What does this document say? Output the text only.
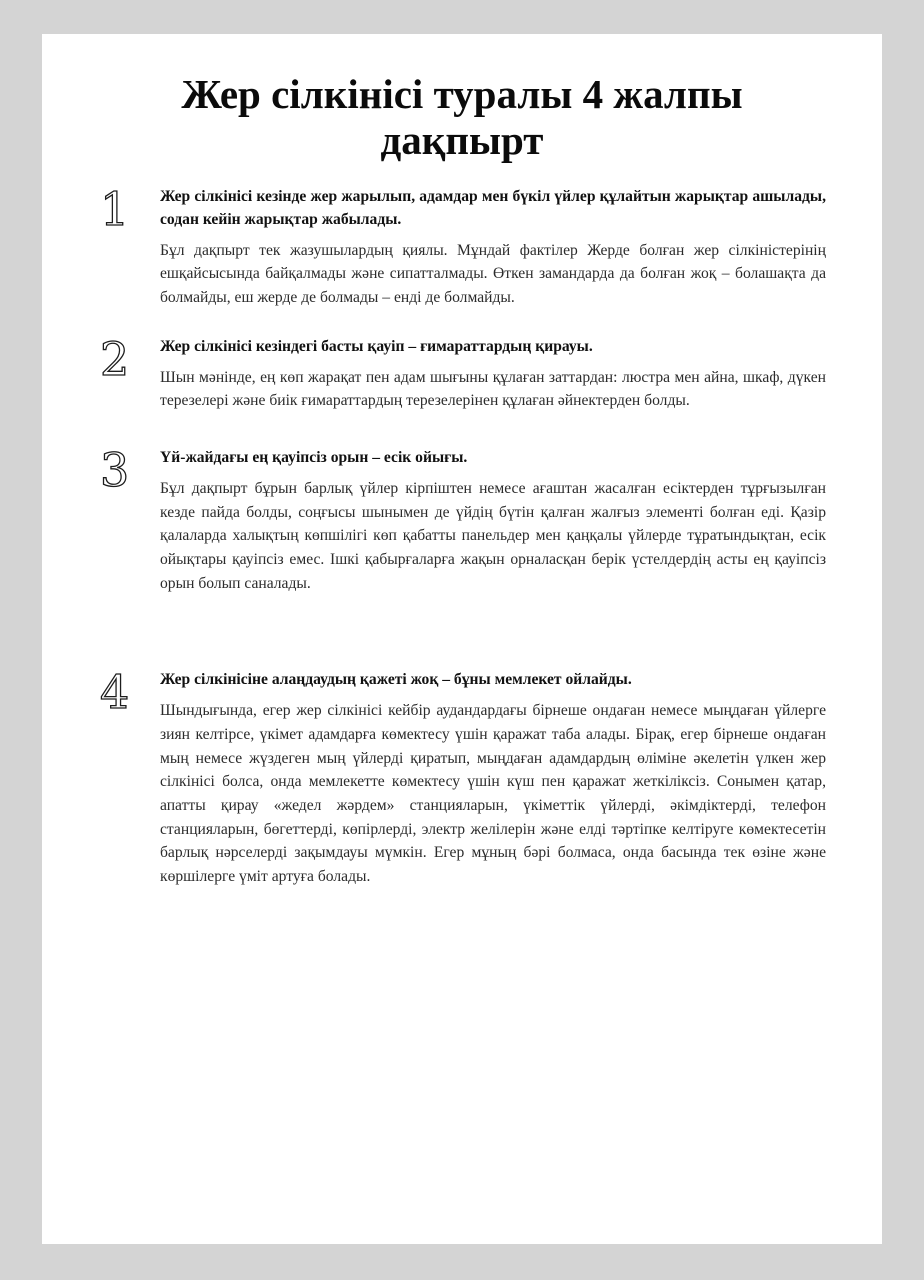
Жер сілкінісі туралы 4 жалпы дақпырт
1	Жер сілкінісі кезінде жер жарылып, адамдар мен бүкіл үйлер құлайтын жарықтар ашылады, содан кейін жарықтар жабылады.

Бұл дақпырт тек жазушылардың қиялы. Мұндай фактілер Жерде болған жер сілкіністерінің ешқайсысында байқалмады және сипатталмады. Өткен замандарда да болған жоқ – болашақта да болмайды, еш жерде де болмады – енді де болмайды.

2	Жер сілкінісі кезіндегі басты қауіп – ғимараттардың қирауы.

Шын мәнінде, ең көп жарақат пен адам шығыны құлаған заттардан: люстра мен айна, шкаф, дүкен терезелері және биік ғимараттардың терезелерінен құлаған әйнектерден болды.

3	Үй-жайдағы ең қауіпсіз орын – есік ойығы.

Бұл дақпырт бұрын барлық үйлер кірпіштен немесе ағаштан жасалған есіктерден тұрғызылған кезде пайда болды, соңғысы шынымен де үйдің бүтін қалған жалғыз элементі болған еді. Қазір қалаларда халықтың көпшілігі көп қабатты панельдер мен қаңқалы үйлерде тұратындықтан, есік ойықтары қауіпсіз емес. Ішкі қабырғаларға жақын орналасқан берік үстелдердің асты ең қауіпсіз орын болып саналады.

4	Жер сілкінісіне алаңдаудың қажеті жоқ – бұны мемлекет ойлайды.

Шындығында, егер жер сілкінісі кейбір аудандардағы бірнеше ондаған немесе мыңдаған үйлерге зиян келтірсе, үкімет адамдарға көмектесу үшін қаражат таба алады. Бірақ, егер бірнеше ондаған мың немесе жүздеген мың үйлерді қиратып, мыңдаған адамдардың өліміне әкелетін үлкен жер сілкінісі болса, онда мемлекетте көмектесу үшін күш пен қаражат жеткіліксіз. Сонымен қатар, апатты қирау «жедел жәрдем» станцияларын, үкіметтік үйлерді, әкімдіктерді, телефон станцияларын, бөгеттерді, көпірлерді, электр желілерін және елді тәртіпке келтіруге көмектесетін барлық нәрселерді зақымдауы мүмкін. Егер мұның бәрі болмаса, онда басында тек өзіне және көршілерге үміт артуға болады.
